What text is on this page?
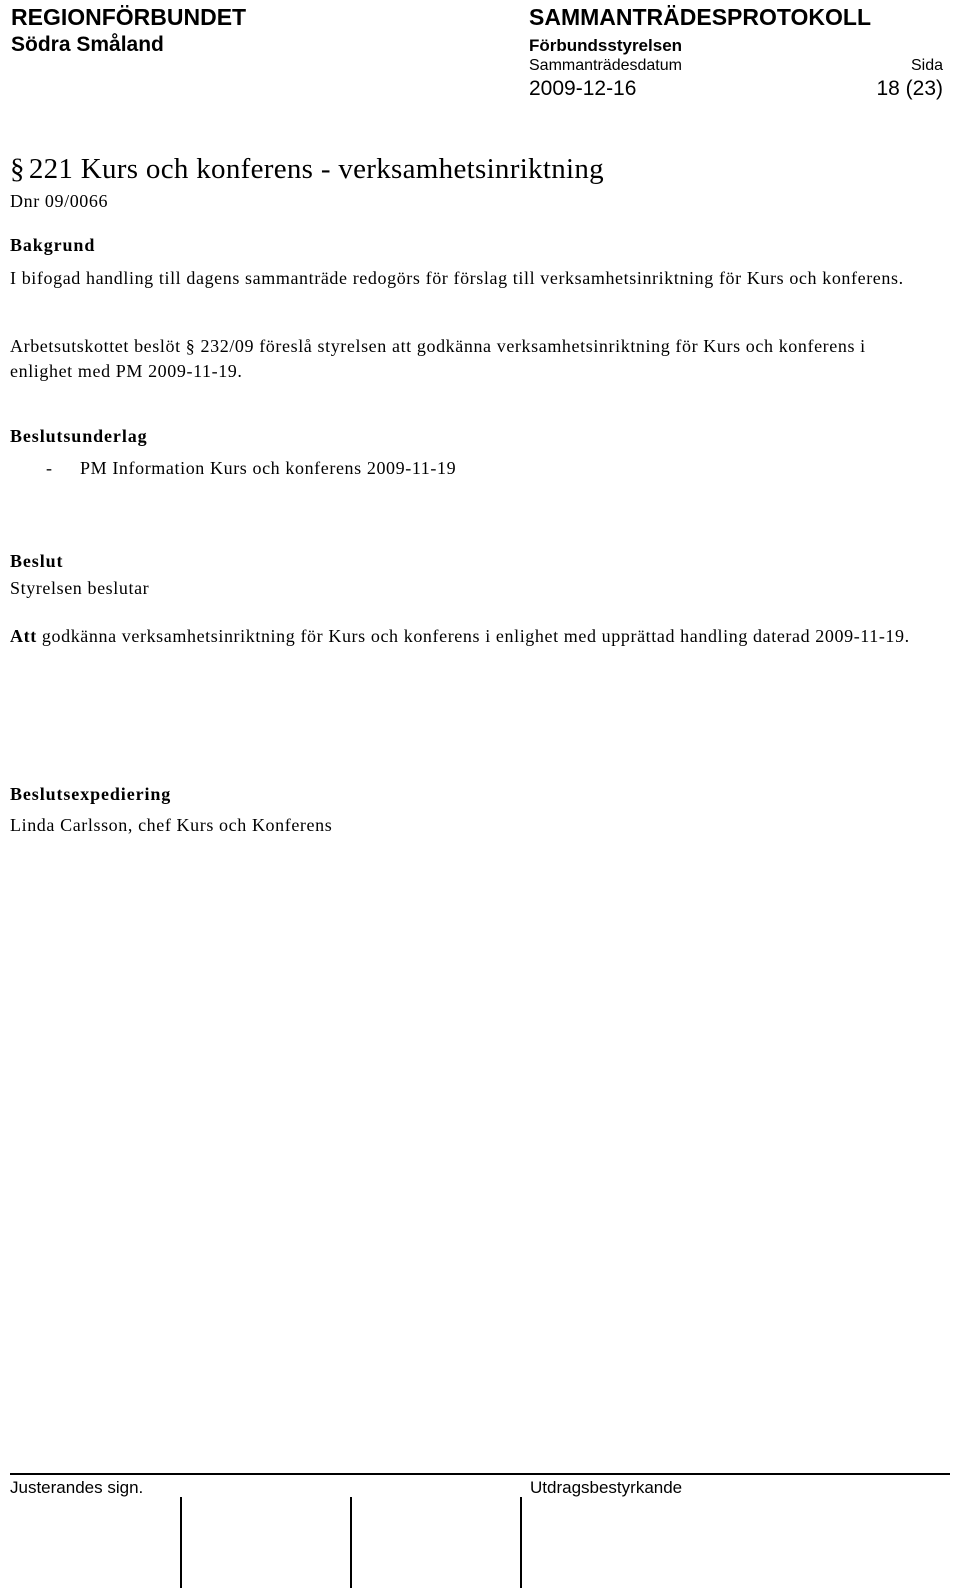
REGIONFÖRBUNDET
Södra Småland
SAMMANTRÄDESPROTOKOLL
Förbundsstyrelsen
Sammanträdesdatum	Sida
2009-12-16	18 (23)
§ 221 Kurs och konferens - verksamhetsinriktning
Dnr 09/0066
Bakgrund
I bifogad handling till dagens sammanträde redogörs för förslag till verksamhetsinriktning för Kurs och konferens.
Arbetsutskottet beslöt § 232/09 föreslå styrelsen att godkänna verksamhetsinriktning för Kurs och konferens i enlighet med PM 2009-11-19.
Beslutsunderlag
- PM Information Kurs och konferens 2009-11-19
Beslut
Styrelsen beslutar
Att godkänna verksamhetsinriktning för Kurs och konferens i enlighet med upprättad handling daterad 2009-11-19.
Beslutsexpediering
Linda Carlsson, chef Kurs och Konferens
Justerandes sign.	Utdragsbestyrkande
